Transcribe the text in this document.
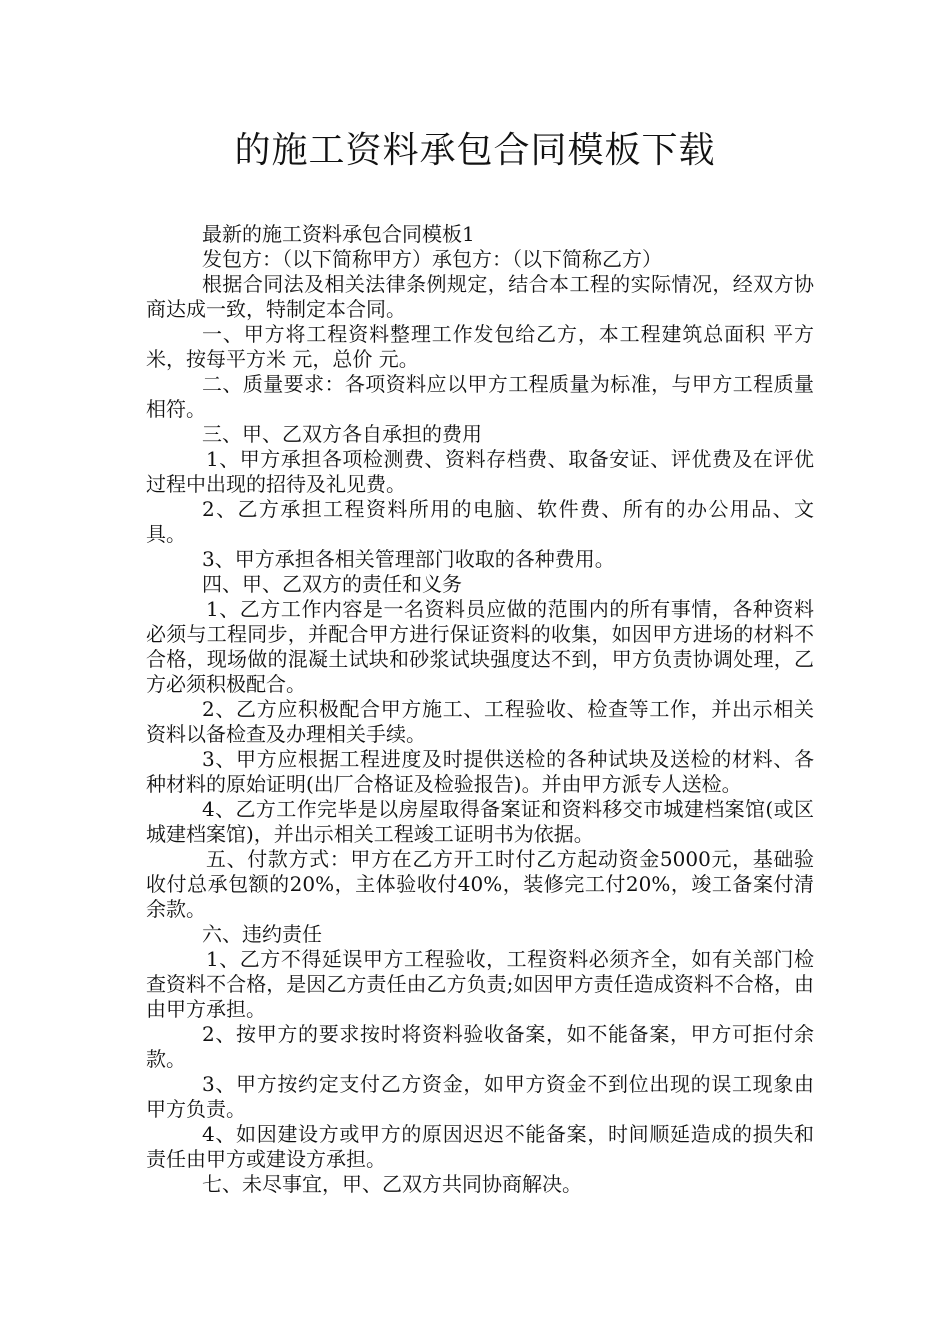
的施工资料承包合同模板下载

最新的施工资料承包合同模板1

发包方：（以下简称甲方）承包方：（以下简称乙方）

根据合同法及相关法律条例规定，结合本工程的实际情况，经双方协商达成一致，特制定本合同。

一、甲方将工程资料整理工作发包给乙方，本工程建筑总面积 平方米，按每平方米 元，总价 元。

二、质量要求：各项资料应以甲方工程质量为标准，与甲方工程质量相符。

三、甲、乙双方各自承担的费用

1、甲方承担各项检测费、资料存档费、取备安证、评优费及在评优过程中出现的招待及礼见费。

2、乙方承担工程资料所用的电脑、软件费、所有的办公用品、文具。

3、甲方承担各相关管理部门收取的各种费用。

四、甲、乙双方的责任和义务

1、乙方工作内容是一名资料员应做的范围内的所有事情，各种资料必须与工程同步，并配合甲方进行保证资料的收集，如因甲方进场的材料不合格，现场做的混凝土试块和砂浆试块强度达不到，甲方负责协调处理，乙方必须积极配合。

2、乙方应积极配合甲方施工、工程验收、检查等工作，并出示相关资料以备检查及办理相关手续。

3、甲方应根据工程进度及时提供送检的各种试块及送检的材料、各种材料的原始证明(出厂合格证及检验报告)。并由甲方派专人送检。

4、乙方工作完毕是以房屋取得备案证和资料移交市城建档案馆(或区城建档案馆)，并出示相关工程竣工证明书为依据。

五、付款方式：甲方在乙方开工时付乙方起动资金5000元，基础验收付总承包额的20%，主体验收付40%，装修完工付20%，竣工备案付清余款。

六、违约责任

1、乙方不得延误甲方工程验收，工程资料必须齐全，如有关部门检查资料不合格，是因乙方责任由乙方负责;如因甲方责任造成资料不合格，由由甲方承担。

2、按甲方的要求按时将资料验收备案，如不能备案，甲方可拒付余款。

3、甲方按约定支付乙方资金，如甲方资金不到位出现的误工现象由甲方负责。

4、如因建设方或甲方的原因迟迟不能备案，时间顺延造成的损失和责任由甲方或建设方承担。

七、未尽事宜，甲、乙双方共同协商解决。
